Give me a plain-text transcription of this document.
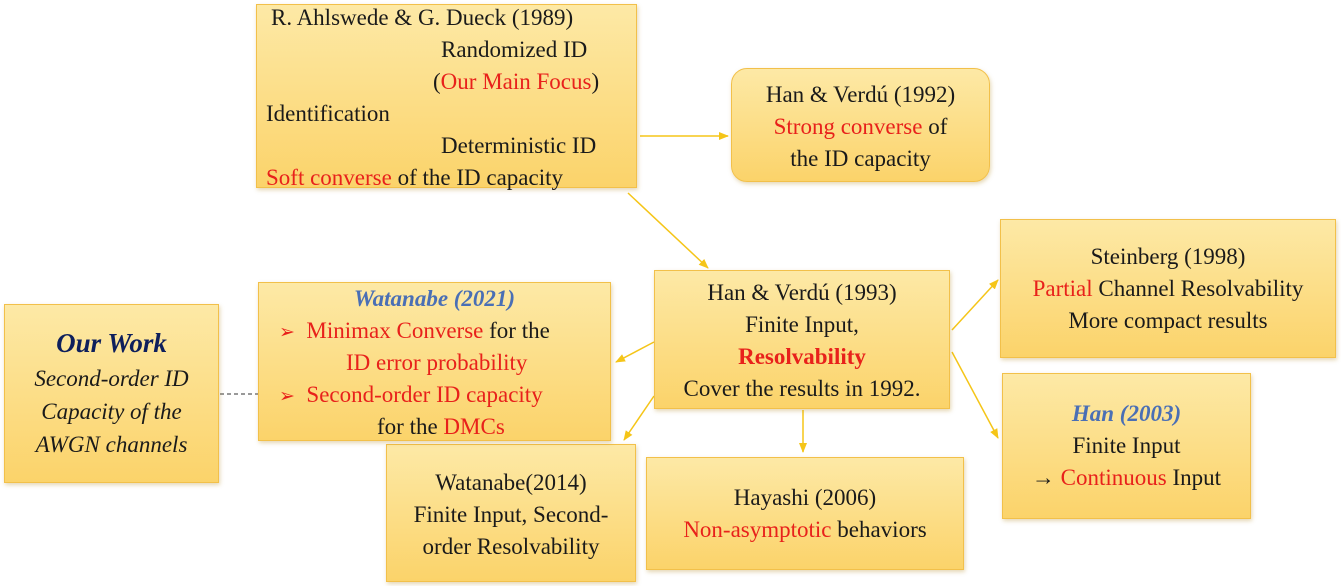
R. Ahlswede & G. Dueck (1989)
Randomized ID
(Our Main Focus)
Identification
Deterministic ID
Soft converse of the ID capacity
Han & Verdú (1992)
Strong converse of
the ID capacity
Han & Verdú (1993)
Finite Input,
Resolvability
Cover the results in 1992.
Steinberg (1998)
Partial Channel Resolvability
More compact results
Han (2003)
Finite Input
→ Continuous Input
Hayashi (2006)
Non-asymptotic behaviors
Watanabe(2014)
Finite Input, Second-
order Resolvability
Watanabe (2021)
➢ Minimax Converse for the
ID error probability
➢ Second-order ID capacity
for the DMCs
Our Work
Second-order ID
Capacity of the
AWGN channels
